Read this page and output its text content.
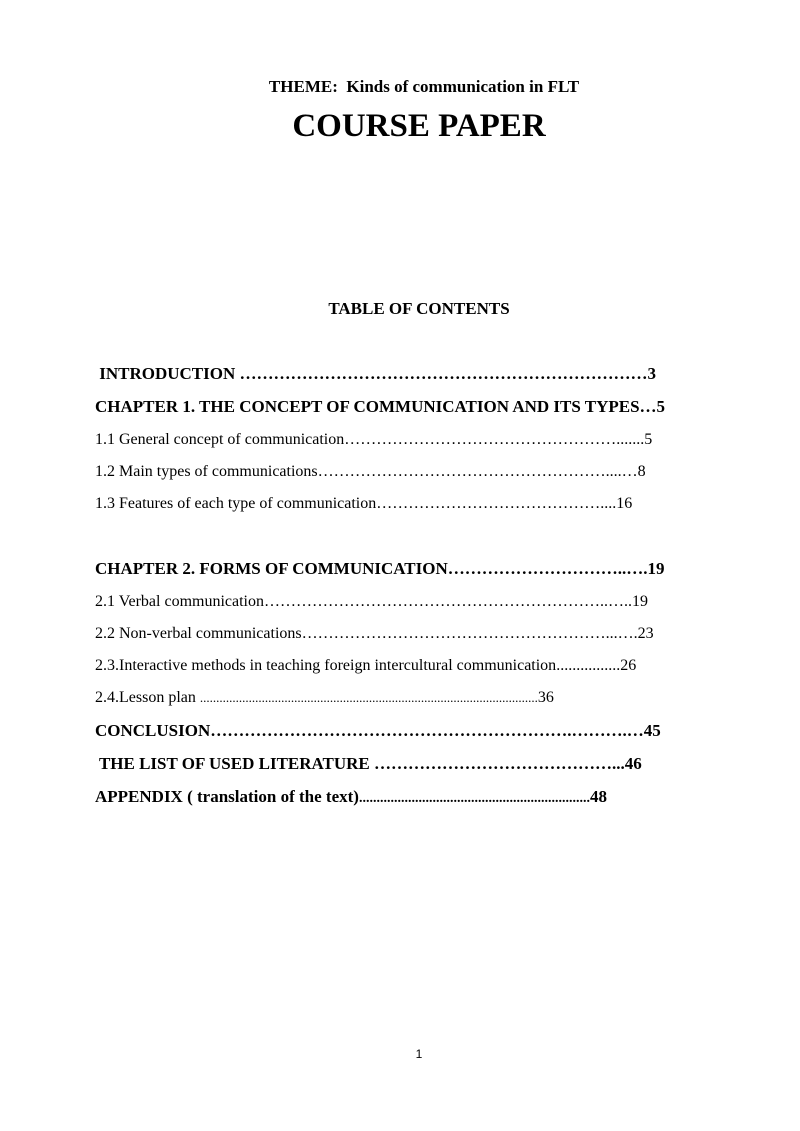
THEME:  Kinds of communication in FLT
COURSE PAPER
TABLE OF CONTENTS
INTRODUCTION ………………………………………………………………3
CHAPTER 1. THE CONCEPT OF COMMUNICATION AND ITS TYPES…5
1.1 General concept of communication…………………………………………….......5
1.2 Main types of communications………………………………………………....…8
1.3 Features of each type of communication……………………………………....16
CHAPTER 2. FORMS OF COMMUNICATION…………………………..….19
2.1 Verbal communication………………………………………………………..…..19
2.2 Non-verbal communications…………………………………………………...….23
2.3.Interactive methods in teaching foreign intercultural communication................26
2.4.Lesson plan ........................................................................................................36
CONCLUSION……………………………………………………….……….…45
THE LIST OF USED LITERATURE ……………………………………...46
APPENDIX ( translation of the text)..................................................................48
1
